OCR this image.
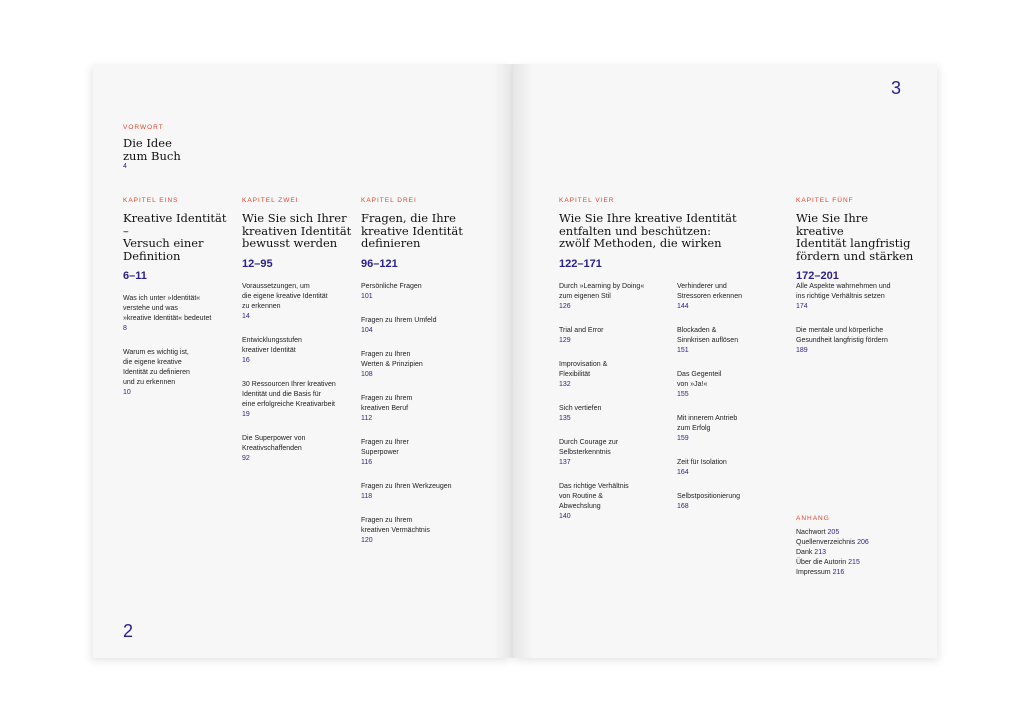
VORWORT
Die Idee
zum Buch
4
KAPITEL EINS
Kreative Identität –
Versuch einer
Definition
6–11
Was ich unter »Identität«
verstehe und was
»kreative Identität« bedeutet
8
Warum es wichtig ist,
die eigene kreative
Identität zu definieren
und zu erkennen
10
KAPITEL ZWEI
Wie Sie sich Ihrer
kreativen Identität
bewusst werden
12–95
Voraussetzungen, um
die eigene kreative Identität
zu erkennen
14
Entwicklungsstufen
kreativer Identität
16
30 Ressourcen Ihrer kreativen
Identität und die Basis für
eine erfolgreiche Kreativarbeit
19
Die Superpower von
Kreativschaffenden
92
KAPITEL DREI
Fragen, die Ihre
kreative Identität
definieren
96–121
Persönliche Fragen
101
Fragen zu Ihrem Umfeld
104
Fragen zu Ihren
Werten & Prinzipien
108
Fragen zu Ihrem
kreativen Beruf
112
Fragen zu Ihrer
Superpower
116
Fragen zu Ihren Werkzeugen
118
Fragen zu Ihrem
kreativen Vermächtnis
120
KAPITEL VIER
Wie Sie Ihre kreative Identität
entfalten und beschützen:
zwölf Methoden, die wirken
122–171
Durch »Learning by Doing«
zum eigenen Stil
126
Trial and Error
129
Improvisation &
Flexibilität
132
Sich vertiefen
135
Durch Courage zur
Selbsterkenntnis
137
Das richtige Verhältnis
von Routine &
Abwechslung
140
Verhinderer und
Stressoren erkennen
144
Blockaden &
Sinnkrisen auflösen
151
Das Gegenteil
von »Ja!«
155
Mit innerem Antrieb
zum Erfolg
159
Zeit für Isolation
164
Selbstpositionierung
168
KAPITEL FÜNF
Wie Sie Ihre kreative
Identität langfristig
fördern und stärken
172–201
Alle Aspekte wahrnehmen und
ins richtige Verhältnis setzen
174
Die mentale und körperliche
Gesundheit langfristig fördern
189
ANHANG
Nachwort 205
Quellenverzeichnis 206
Dank 213
Über die Autorin 215
Impressum 216
2
3
